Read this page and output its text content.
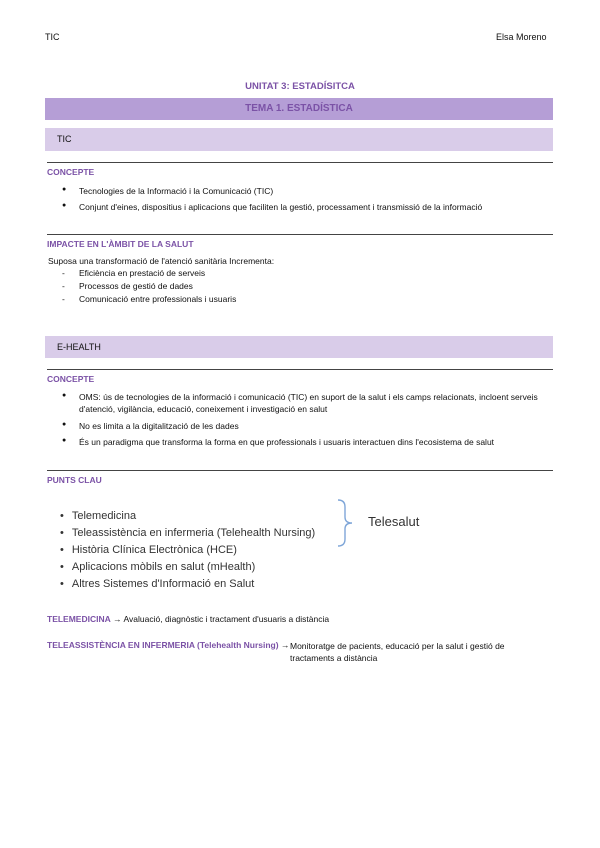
TIC	Elsa Moreno
UNITAT 3: ESTADÍSITCA
TEMA 1. ESTADÍSTICA
TIC
CONCEPTE
● Tecnologies de la Informació i la Comunicació (TIC)
● Conjunt d'eines, dispositius i aplicacions que faciliten la gestió, processament i transmissió de la informació
IMPACTE EN L'ÀMBIT DE LA SALUT
Suposa una transformació de l'atenció sanitària Incrementa:
- Eficiència en prestació de serveis
- Processos de gestió de dades
- Comunicació entre professionals i usuaris
E-HEALTH
CONCEPTE
● OMS: ús de tecnologies de la informació i comunicació (TIC) en suport de la salut i els camps relacionats, incloent serveis d'atenció, vigilància, educació, coneixement i investigació en salut
● No es limita a la digitalització de les dades
● És un paradigma que transforma la forma en que professionals i usuaris interactuen dins l'ecosistema de salut
PUNTS CLAU
• Telemedicina
• Teleassistència en infermeria (Telehealth Nursing)
• Història Clínica Electrònica (HCE)
• Aplicacions mòbils en salut (mHealth)
• Altres Sistemes d'Informació en Salut
Telesalut
TELEMEDICINA → Avaluació, diagnòstic i tractament d'usuaris a distància
TELEASSISTÈNCIA EN INFERMERIA (Telehealth Nursing) → Monitoratge de pacients, educació per la salut i gestió de tractaments a distància
